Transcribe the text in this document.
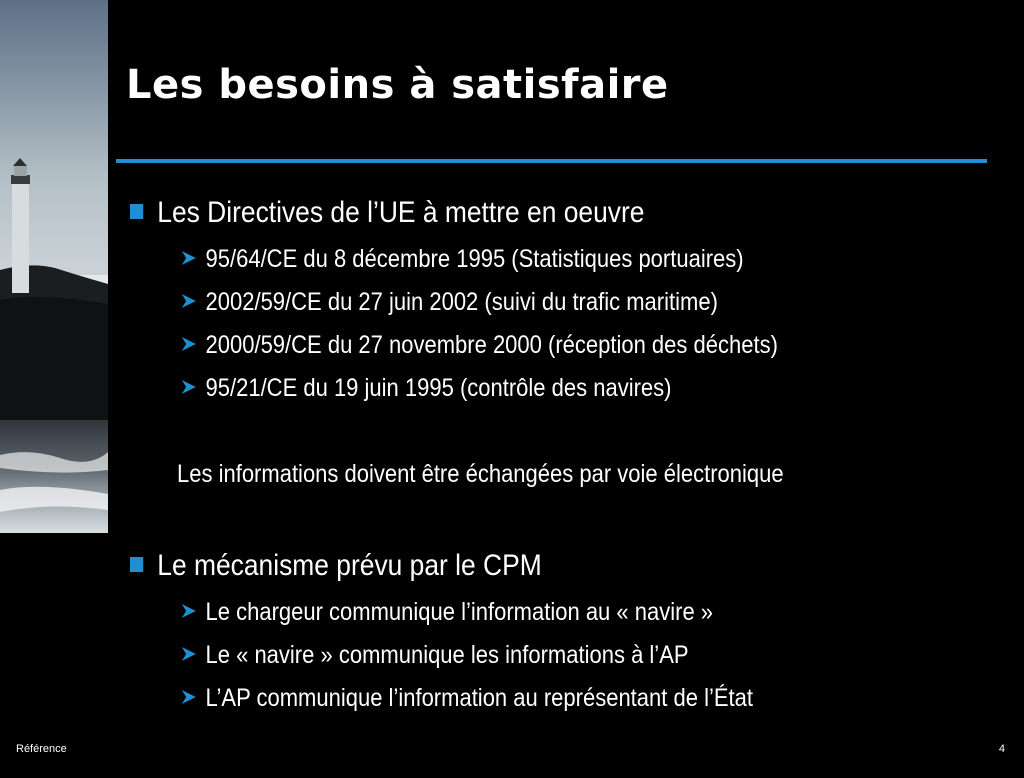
Les besoins à satisfaire
Les Directives de l’UE à mettre en oeuvre
95/64/CE du 8 décembre 1995 (Statistiques portuaires)
2002/59/CE du 27 juin 2002 (suivi du trafic maritime)
2000/59/CE du 27 novembre 2000 (réception des déchets)
95/21/CE du 19 juin 1995 (contrôle des navires)
Les informations doivent être échangées par voie électronique
Le mécanisme prévu par le CPM
Le chargeur communique l’information au « navire »
Le « navire » communique les informations à l’AP
L’AP communique l’information au représentant de l’État
Référence	4
